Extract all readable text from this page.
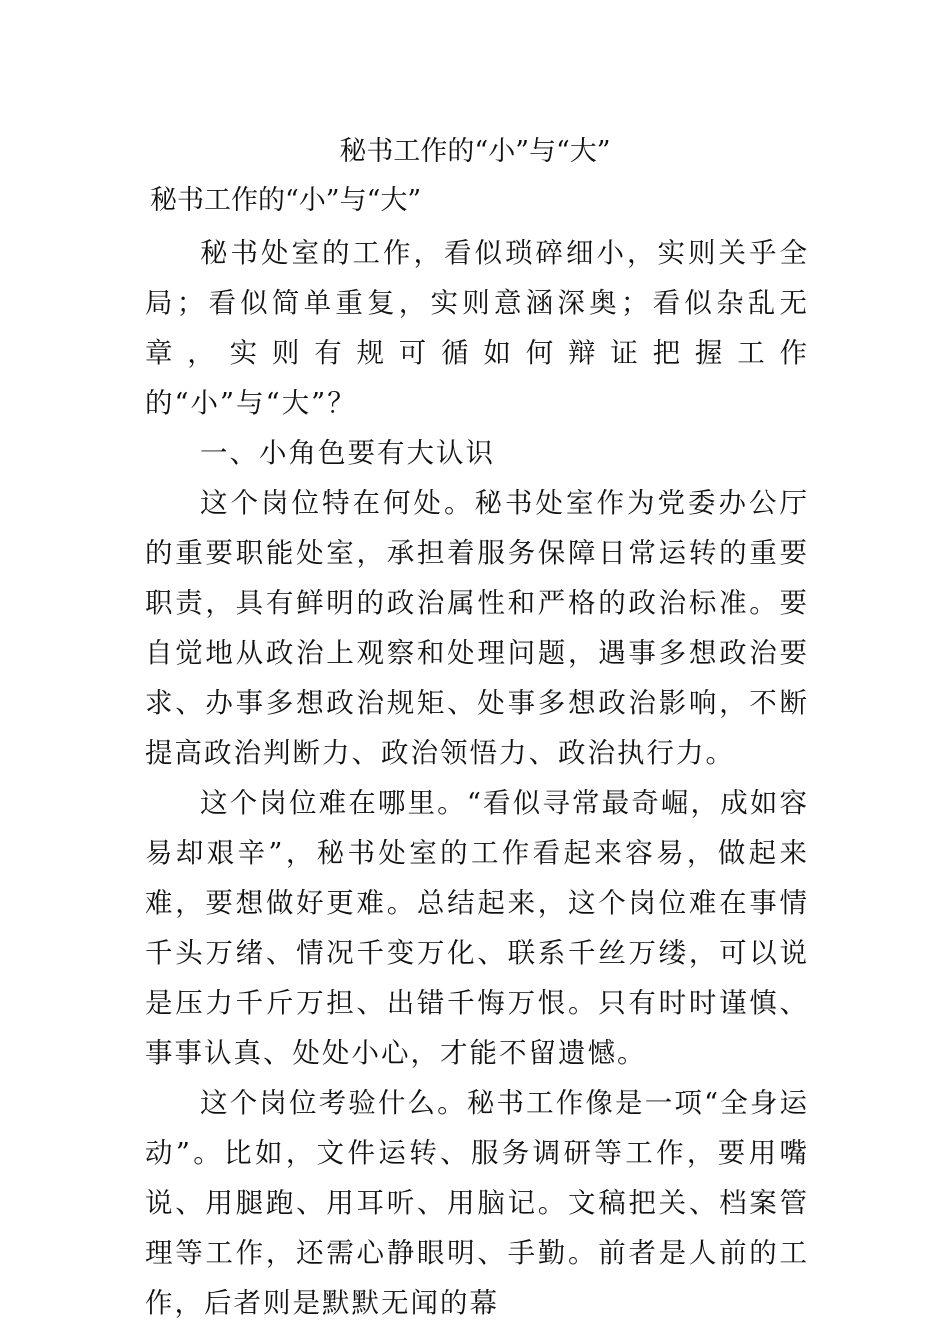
秘书工作的“小”与“大”
秘书工作的“小”与“大”

秘书处室的工作，看似琐碎细小，实则关乎全局；看似简单重复，实则意涵深奥；看似杂乱无章，实则有规可循如何辩证把握工作的“小”与“大”？

一、小角色要有大认识

这个岗位特在何处。秘书处室作为党委办公厅的重要职能处室，承担着服务保障日常运转的重要职责，具有鲜明的政治属性和严格的政治标准。要自觉地从政治上观察和处理问题，遇事多想政治要求、办事多想政治规矩、处事多想政治影响，不断提高政治判断力、政治领悟力、政治执行力。

这个岗位难在哪里。“看似寻常最奇崛，成如容易却艰辛”，秘书处室的工作看起来容易，做起来难，要想做好更难。总结起来，这个岗位难在事情千头万绪、情况千变万化、联系千丝万缕，可以说是压力千斤万担、出错千悔万恨。只有时时谨慎、事事认真、处处小心，才能不留遗憾。

这个岗位考验什么。秘书工作像是一项“全身运动”。比如，文件运转、服务调研等工作，要用嘴说、用腿跑、用耳听、用脑记。文稿把关、档案管理等工作，还需心静眼明、手勤。前者是人前的工作，后者则是默默无闻的幕
